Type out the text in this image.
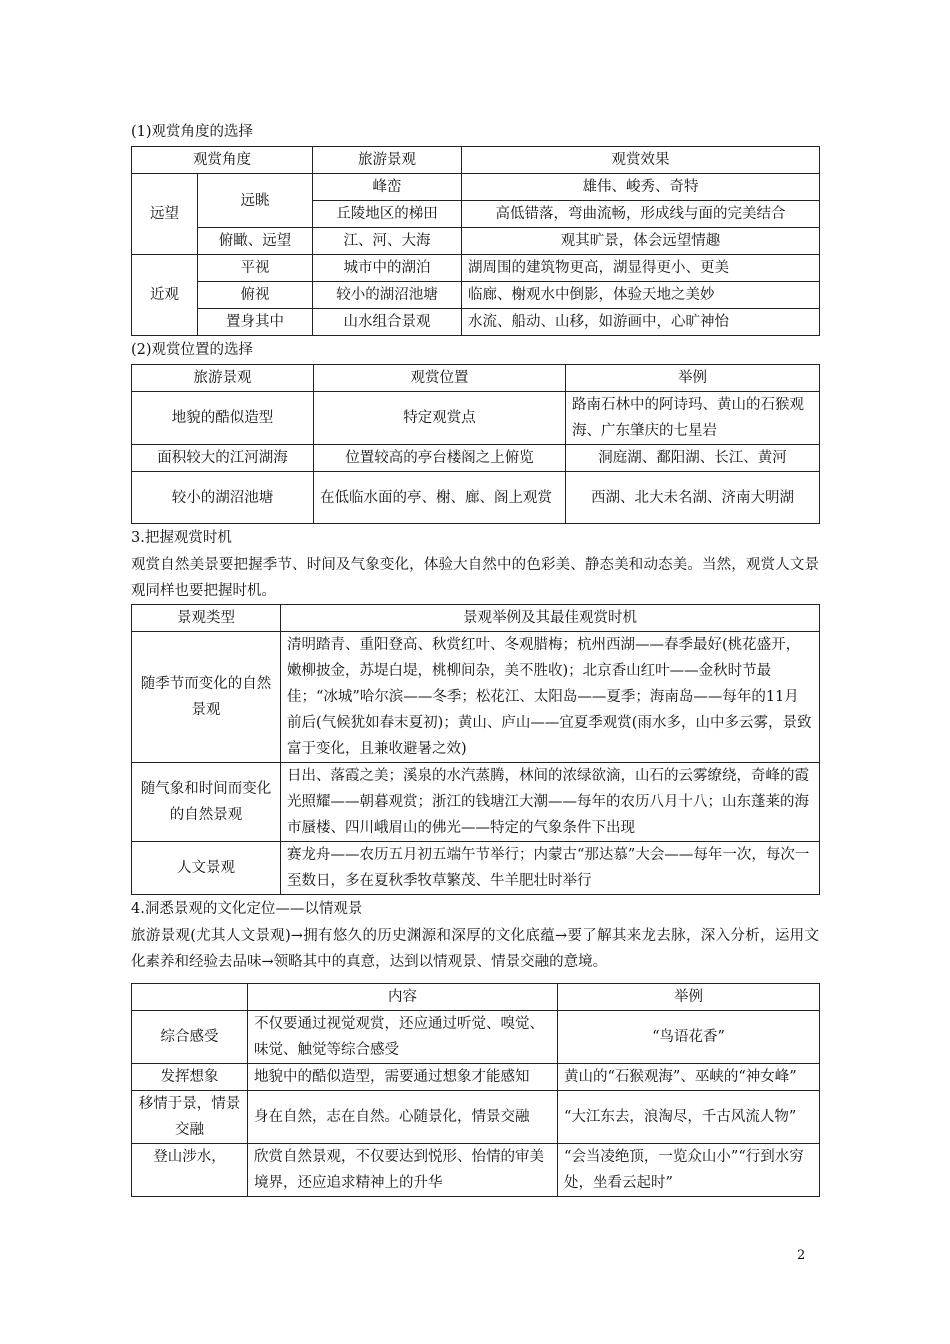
(1)观赏角度的选择
观赏角度		旅游景观	观赏效果
远望	远眺	峰峦	雄伟、峻秀、奇特
		丘陵地区的梯田	高低错落，弯曲流畅，形成线与面的完美结合
	俯瞰、远望	江、河、大海	观其旷景，体会远望情趣
近观	平视	城市中的湖泊	湖周围的建筑物更高，湖显得更小、更美
	俯视	较小的湖沼池塘	临廊、榭观水中倒影，体验天地之美妙
	置身其中	山水组合景观	水流、船动、山移，如游画中，心旷神怡
(2)观赏位置的选择
旅游景观	观赏位置	举例
地貌的酷似造型	特定观赏点	路南石林中的阿诗玛、黄山的石猴观海、广东肇庆的七星岩
面积较大的江河湖海	位置较高的亭台楼阁之上俯览	洞庭湖、鄱阳湖、长江、黄河
较小的湖沼池塘	在低临水面的亭、榭、廊、阁上观赏	西湖、北大未名湖、济南大明湖
3.把握观赏时机

观赏自然美景要把握季节、时间及气象变化，体验大自然中的色彩美、静态美和动态美。当然，观赏人文景观同样也要把握时机。

景观类型	景观举例及其最佳观赏时机
随季节而变化的自然景观	清明踏青、重阳登高、秋赏红叶、冬观腊梅；杭州西湖——春季最好(桃花盛开，嫩柳披金，苏堤白堤，桃柳间杂，美不胜收)；北京香山红叶——金秋时节最佳；“冰城”哈尔滨——冬季；松花江、太阳岛——夏季；海南岛——每年的11月前后(气候犹如春末夏初)；黄山、庐山——宜夏季观赏(雨水多，山中多云雾，景致富于变化，且兼收避暑之效)
随气象和时间而变化的自然景观	日出、落霞之美；溪泉的水汽蒸腾，林间的浓绿欲滴，山石的云雾缭绕，奇峰的霞光照耀——朝暮观赏；浙江的钱塘江大潮——每年的农历八月十八；山东蓬莱的海市蜃楼、四川峨眉山的佛光——特定的气象条件下出现
人文景观	赛龙舟——农历五月初五端午节举行；内蒙古“那达慕”大会——每年一次，每次一至数日，多在夏秋季牧草繁茂、牛羊肥壮时举行
4.洞悉景观的文化定位——以情观景

旅游景观(尤其人文景观)→拥有悠久的历史渊源和深厚的文化底蕴→要了解其来龙去脉，深入分析，运用文化素养和经验去品味→领略其中的真意，达到以情观景、情景交融的意境。

	内容	举例
综合感受	不仅要通过视觉观赏，还应通过听觉、嗅觉、味觉、触觉等综合感受	“鸟语花香”
发挥想象	地貌中的酷似造型，需要通过想象才能感知	黄山的“石猴观海”、巫峡的“神女峰”
移情于景，情景交融	身在自然，志在自然。心随景化，情景交融	“大江东去，浪淘尽，千古风流人物”
登山涉水，	欣赏自然景观，不仅要达到悦形、怡情的审美境界，还应追求精神上的升华	“会当凌绝顶，一览众山小”“行到水穷处，坐看云起时”
2
